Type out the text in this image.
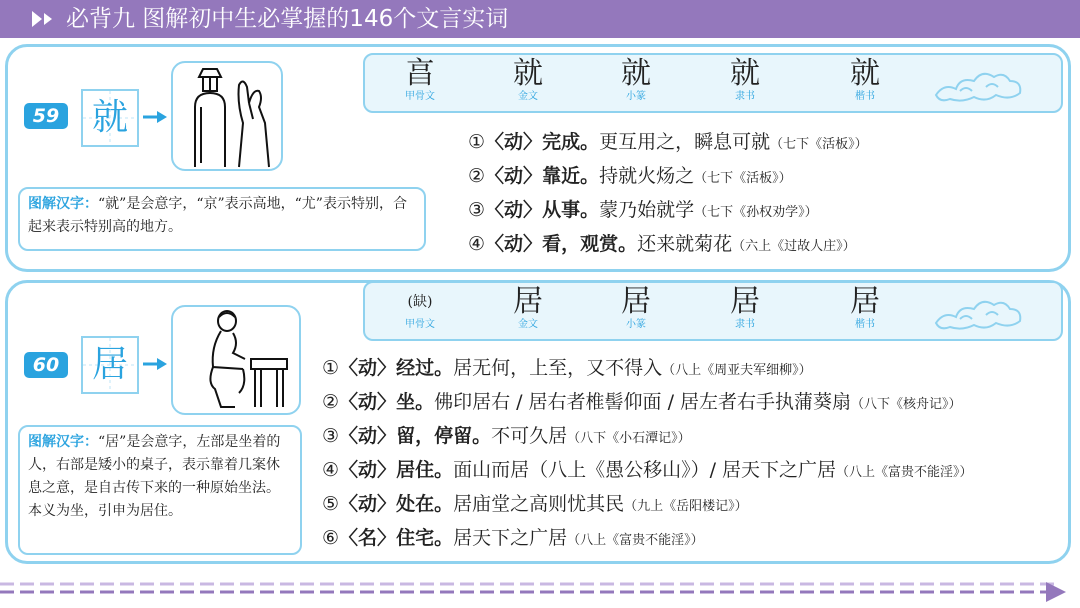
必背九 图解初中生必掌握的146个文言实词
亯
甲骨文
就
金文
就
小篆
就
隶书
就
楷书
59 就
图解汉字：“就”是会意字，“京”表示高地，“尤”表示特别，合起来表示特别高的地方。
①〈动〉完成。更互用之，瞬息可就（七下《活板》）
②〈动〉靠近。持就火炀之（七下《活板》）
③〈动〉从事。蒙乃始就学（七下《孙权劝学》）
④〈动〉看，观赏。还来就菊花（六上《过故人庄》）
(缺)
甲骨文
居
金文
居
小篆
居
隶书
居
楷书
60 居
图解汉字：“居”是会意字，左部是坐着的人，右部是矮小的桌子，表示靠着几案休息之意，是自古传下来的一种原始坐法。本义为坐，引申为居住。
①〈动〉经过。居无何，上至，又不得入（八上《周亚夫军细柳》）
②〈动〉坐。佛印居右 / 居右者椎髻仰面 / 居左者右手执蒲葵扇（八下《核舟记》）
③〈动〉留，停留。不可久居（八下《小石潭记》）
④〈动〉居住。面山而居（八上《愚公移山》）/ 居天下之广居（八上《富贵不能淫》）
⑤〈动〉处在。居庙堂之高则忧其民（九上《岳阳楼记》）
⑥〈名〉住宅。居天下之广居（八上《富贵不能淫》）
